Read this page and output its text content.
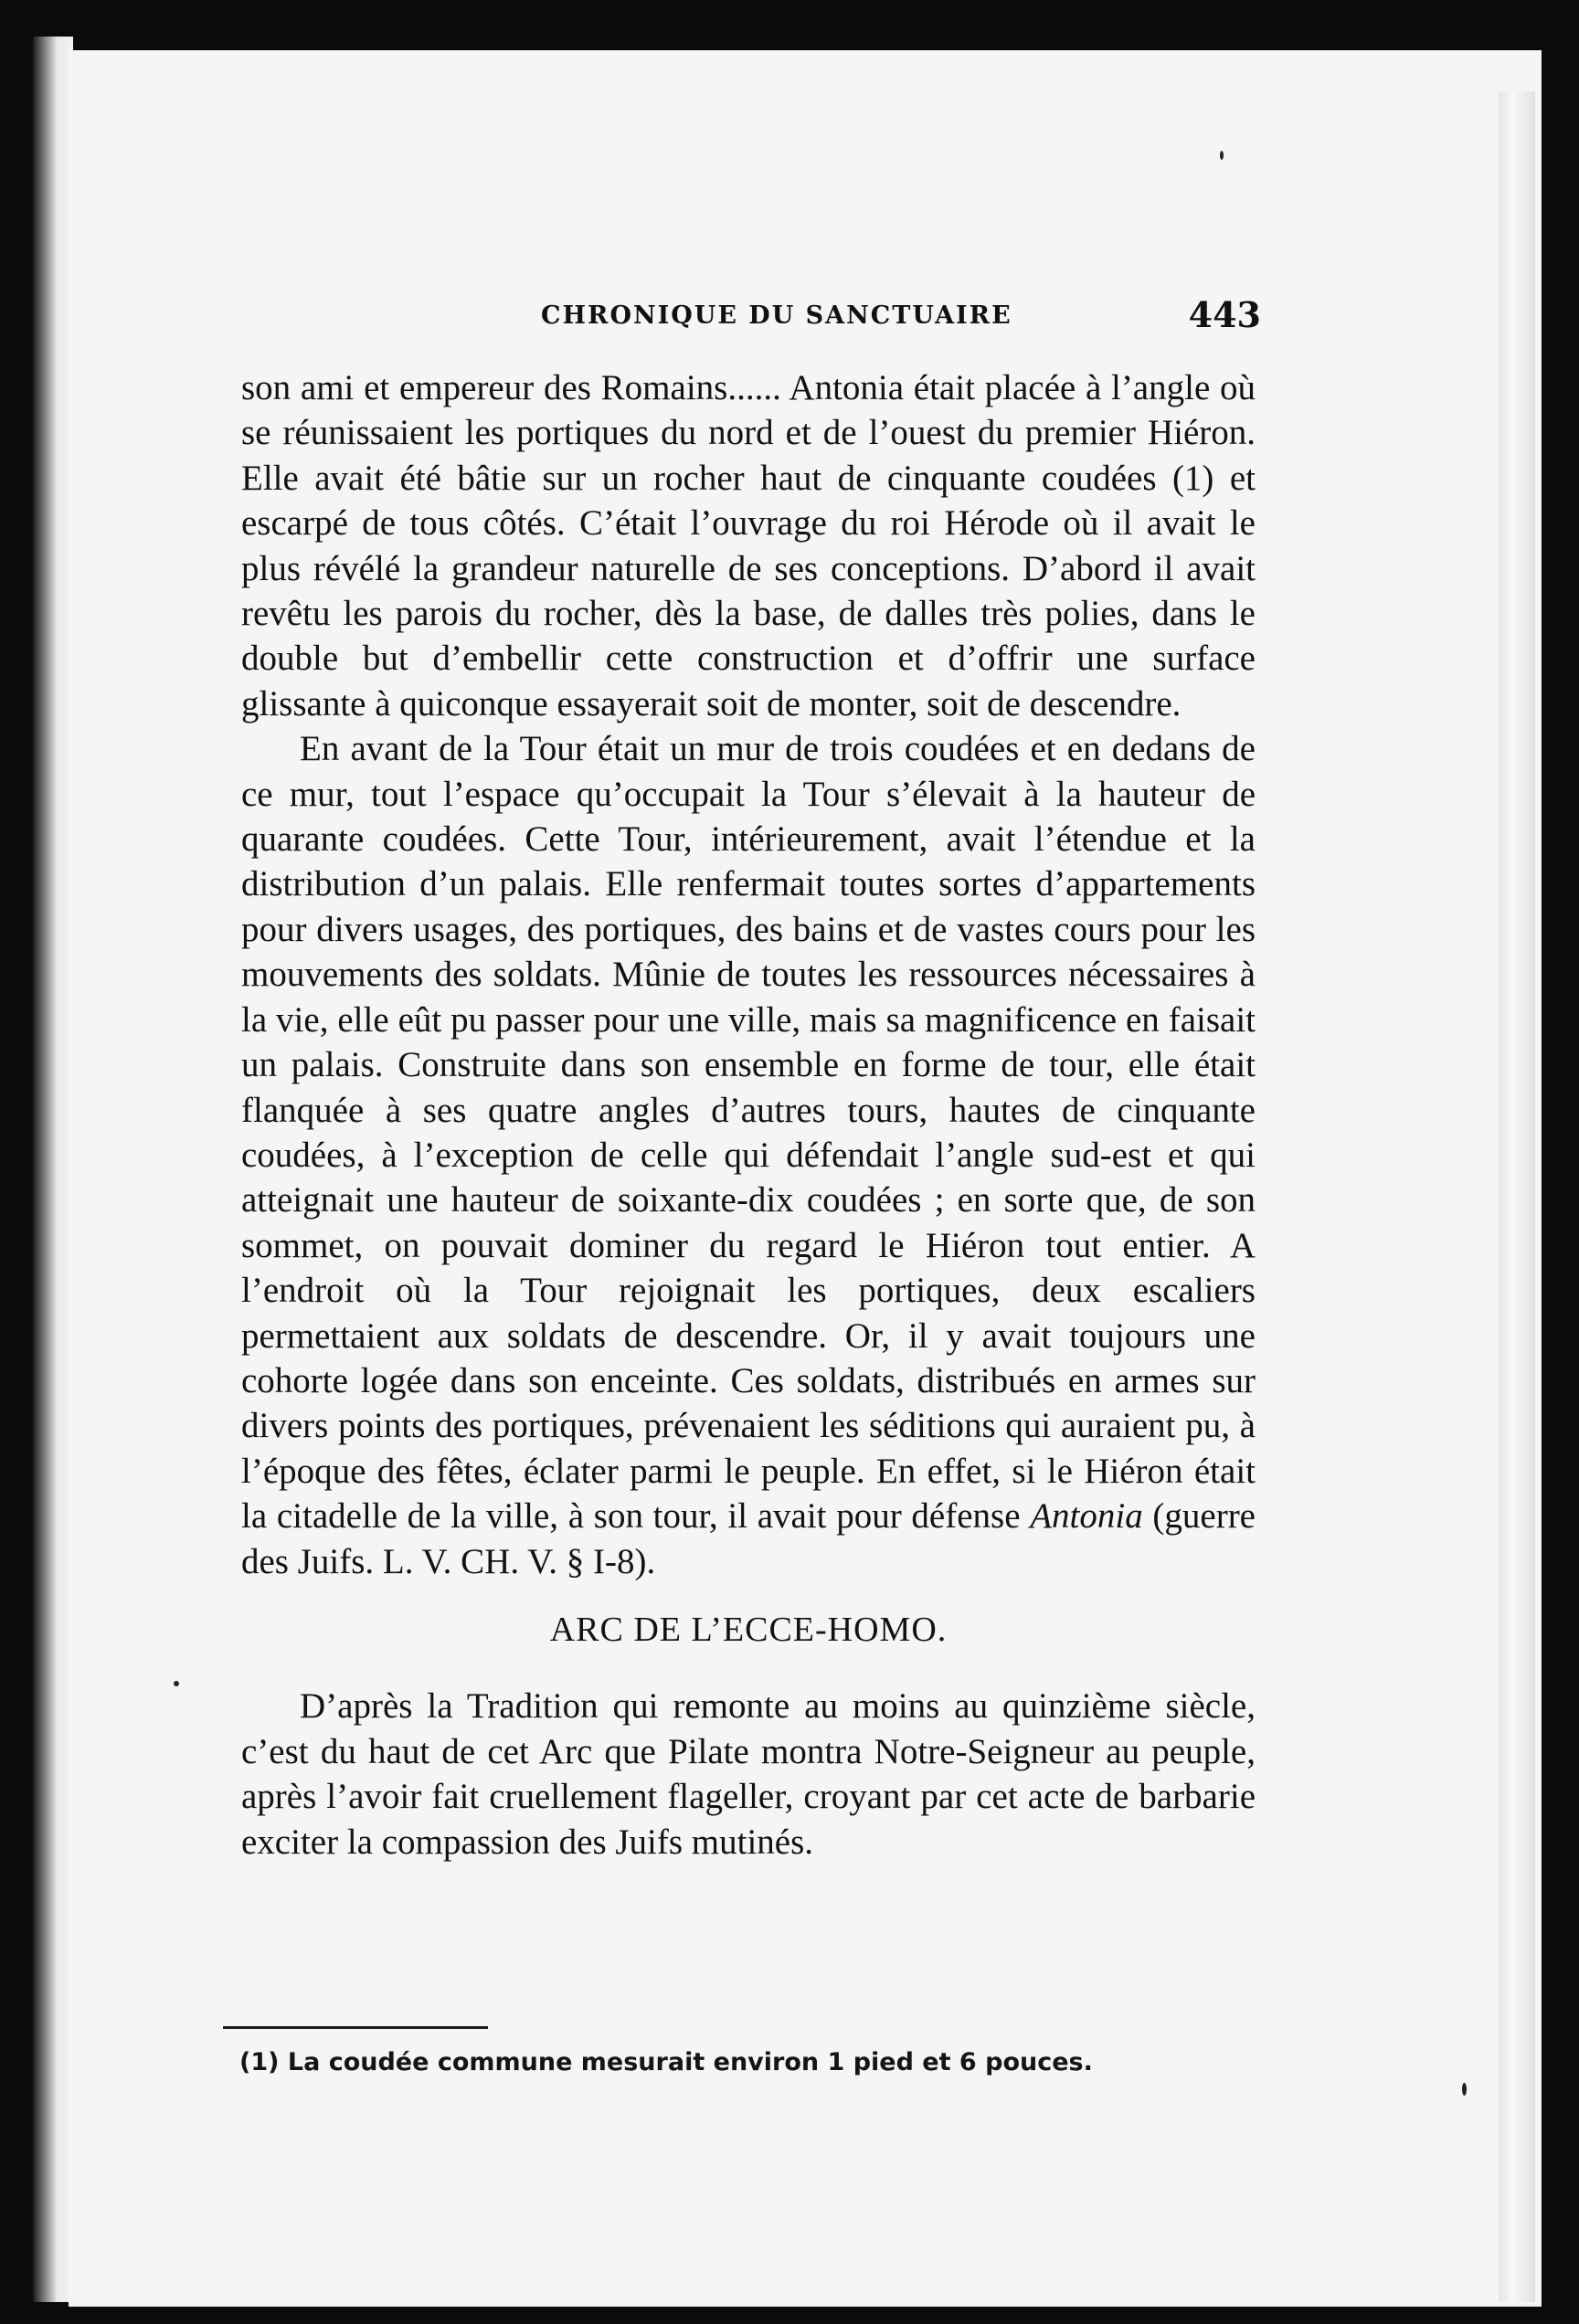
CHRONIQUE DU SANCTUAIRE	443

son ami et empereur des Romains...... Antonia était placée à l’angle où se réunissaient les portiques du nord et de l’ouest du premier Hiéron. Elle avait été bâtie sur un rocher haut de cinquante coudées (1) et escarpé de tous côtés. C’était l’ouvrage du roi Hérode où il avait le plus révélé la grandeur naturelle de ses conceptions. D’abord il avait revêtu les parois du rocher, dès la base, de dalles très polies, dans le double but d’embellir cette construction et d’offrir une surface glissante à quiconque essayerait soit de monter, soit de descendre.

En avant de la Tour était un mur de trois coudées et en dedans de ce mur, tout l’espace qu’occupait la Tour s’élevait à la hauteur de quarante coudées. Cette Tour, intérieurement, avait l’étendue et la distribution d’un palais. Elle renfermait toutes sortes d’appartements pour divers usages, des portiques, des bains et de vastes cours pour les mouvements des soldats. Mûnie de toutes les ressources nécessaires à la vie, elle eût pu passer pour une ville, mais sa magnificence en faisait un palais. Construite dans son ensemble en forme de tour, elle était flanquée à ses quatre angles d’autres tours, hautes de cinquante coudées, à l’exception de celle qui défendait l’angle sud-est et qui atteignait une hauteur de soixante-dix coudées ; en sorte que, de son sommet, on pouvait dominer du regard le Hiéron tout entier. A l’endroit où la Tour rejoignait les portiques, deux escaliers permettaient aux soldats de descendre. Or, il y avait toujours une cohorte logée dans son enceinte. Ces soldats, distribués en armes sur divers points des portiques, prévenaient les séditions qui auraient pu, à l’époque des fêtes, éclater parmi le peuple. En effet, si le Hiéron était la citadelle de la ville, à son tour, il avait pour défense Antonia (guerre des Juifs. L. V. CH. V. § I-8).

ARC DE L’ECCE-HOMO.

D’après la Tradition qui remonte au moins au quinzième siècle, c’est du haut de cet Arc que Pilate montra Notre-Seigneur au peuple, après l’avoir fait cruellement flageller, croyant par cet acte de barbarie exciter la compassion des Juifs mutinés.

(1) La coudée commune mesurait environ 1 pied et 6 pouces.
